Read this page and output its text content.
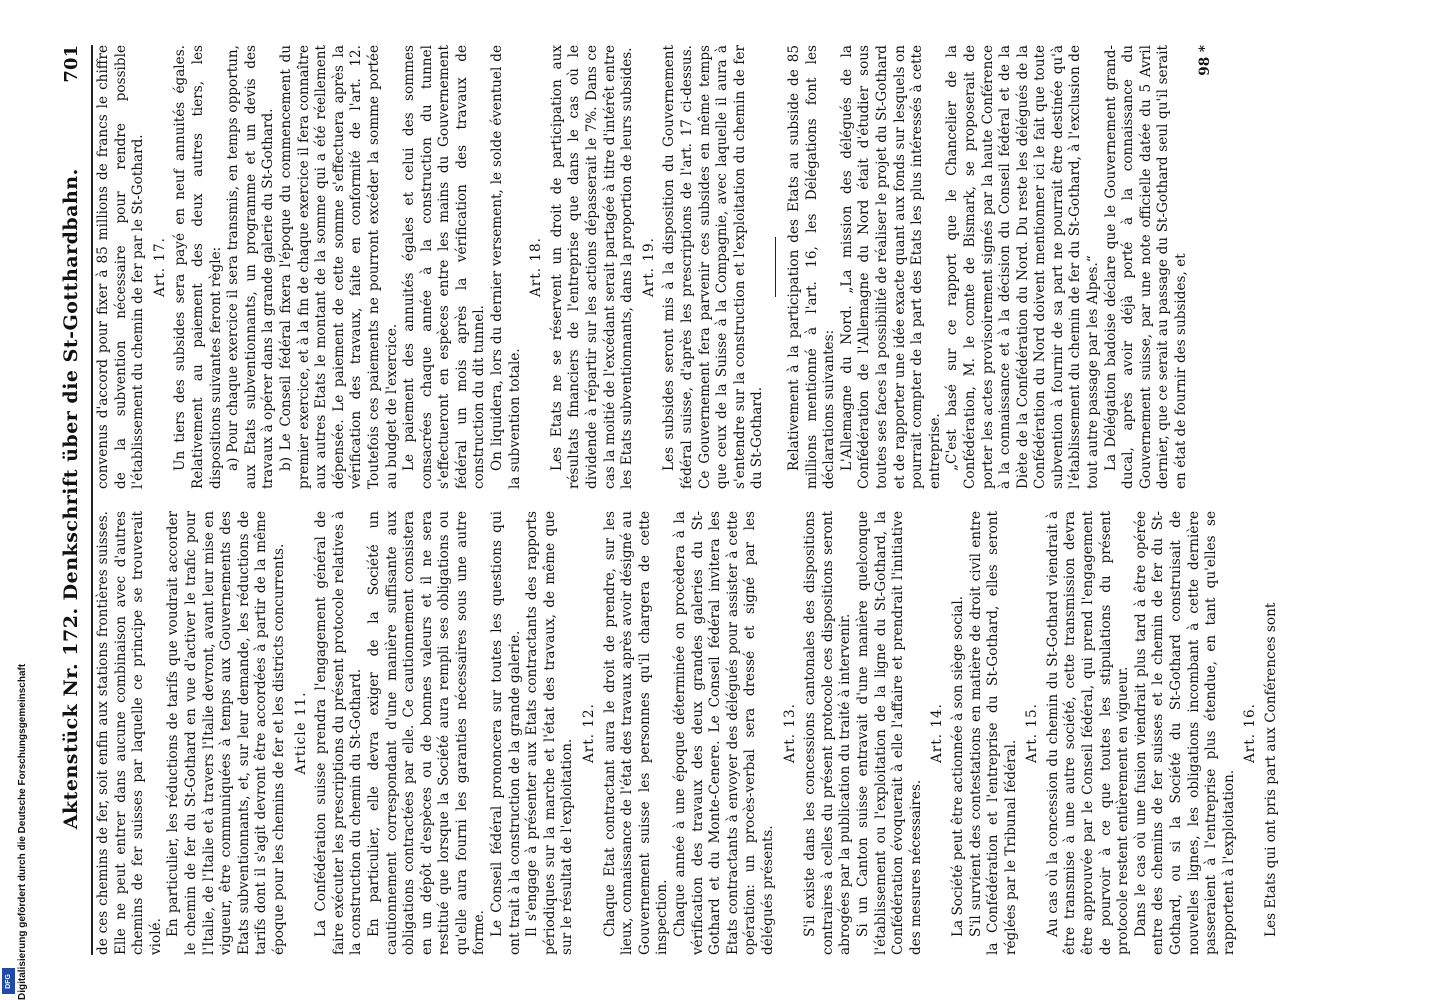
Aktenstück Nr. 172. Denkschrift über die St-Gotthardbahn.
701

de ces chemins de fer, soit enfin aux stations frontières suisses. Elle ne peut entrer dans aucune combinaison avec d'autres chemins de fer suisses par laquelle ce principe se trouverait violé. En particulier, les réductions de tarifs que voudrait accorder le chemin de fer du St-Gothard en vue d'activer le trafic pour l'Italie, de l'Italie et à travers l'Italie devront, avant leur mise en vigueur, être communiquées à temps aux Gouvernements des Etats subventionnants, et, sur leur demande, les réductions de tarifs dont il s'agit devront être accordées à partir de la même époque pour les chemins de fer et les districts concurrents. Article 11. La Confédération suisse prendra l'engagement général de faire exécuter les prescriptions du présent protocole relatives à la construction du chemin du St-Gothard. En particulier, elle devra exiger de la Société un cautionnement correspondant d'une manière suffisante aux obligations contractées par elle. Ce cautionnement consistera en un dépôt d'espèces ou de bonnes valeurs et il ne sera restitué que lorsque la Société aura rempli ses obligations ou qu'elle aura fourni les garanties nécessaires sous une autre forme. Le Conseil fédéral prononcera sur toutes les questions qui ont trait à la construction de la grande galerie. Il s'engage à présenter aux Etats contractants des rapports périodiques sur la marche et l'état des travaux, de même que sur le résultat de l'exploitation.

Art. 12. Chaque Etat contractant aura le droit de prendre, sur les lieux, connaissance de l'état des travaux après avoir désigné au Gouvernement suisse les personnes qu'il chargera de cette inspection. Chaque année à une époque déterminée on procèdera à la vérification des travaux des deux grandes galeries du St-Gothard et du Monte-Cenere. Le Conseil fédéral invitera les Etats contractants à envoyer des délégués pour assister à cette opération: un procès-verbal sera dressé et signé par les délégués présents.

Art. 13. S'il existe dans les concessions cantonales des dispositions contraires à celles du présent protocole ces dispositions seront abrogées par la publication du traité à intervenir. Si un Canton suisse entravait d'une manière quelconque l'établissement ou l'exploitation de la ligne du St-Gothard, la Confédération évoquerait à elle l'affaire et prendrait l'initiative des mesures nécessaires.

Art. 14. La Société peut être actionnée à son siège social. S'il survient des contestations en matière de droit civil entre la Confédération et l'entreprise du St-Gothard, elles seront réglées par le Tribunal fédéral.

Art. 15. Au cas où la concession du chemin du St-Gothard viendrait à être transmise à une autre société, cette transmission devra être approuvée par le Conseil fédéral, qui prend l'engagement de pourvoir à ce que toutes les stipulations du présent protocole restent entièrement en vigueur. Dans le cas où une fusion viendrait plus tard à être opérée entre des chemins de fer suisses et le chemin de fer du St-Gothard, ou si la Société du St-Gothard construisait de nouvelles lignes, les obligations incombant à cette dernière passeraient à l'entreprise plus étendue, en tant qu'elles se rapportent à l'exploitation.

Art. 16. Les Etats qui ont pris part aux Conférences sont

convenus d'accord pour fixer à 85 millions de francs le chiffre de la subvention nécessaire pour rendre possible l'établissement du chemin de fer par le St-Gothard. Art. 17. Un tiers des subsides sera payé en neuf annuités égales. Relativement au paiement des deux autres tiers, les dispositions suivantes feront règle: a) Pour chaque exercice il sera transmis, en temps opportun, aux Etats subventionnants, un programme et un devis des travaux à opérer dans la grande galerie du St-Gothard. b) Le Conseil fédéral fixera l'époque du commencement du premier exercice, et à la fin de chaque exercice il fera connaître aux autres Etats le montant de la somme qui a été réellement dépensée. Le paiement de cette somme s'effectuera après la vérification des travaux, faite en conformité de l'art. 12. Toutefois ces paiements ne pourront excéder la somme portée au budget de l'exercice. Le paiement des annuités égales et celui des sommes consacrées chaque année à la construction du tunnel s'effectueront en espèces entre les mains du Gouvernement fédéral un mois après la vérification des travaux de construction du dit tunnel. On liquidera, lors du dernier versement, le solde éventuel de la subvention totale.

Art. 18. Les Etats ne se réservent un droit de participation aux résultats financiers de l'entreprise que dans le cas où le dividende à répartir sur les actions dépasserait le 7%. Dans ce cas la moitié de l'excédant serait partagée à titre d'intérêt entre les Etats subventionnants, dans la proportion de leurs subsides. Art. 19. Les subsides seront mis à la disposition du Gouvernement fédéral suisse, d'après les prescriptions de l'art. 17 ci-dessus. Ce Gouvernement fera parvenir ces subsides en même temps que ceux de la Suisse à la Compagnie, avec laquelle il aura à s'entendre sur la construction et l'exploitation du chemin de fer du St-Gothard. Relativement à la participation des Etats au subside de 85 millions mentionné à l'art. 16, les Délégations font les déclarations suivantes: L'Allemagne du Nord. „La mission des délégués de la Confédération de l'Allemagne du Nord était d'étudier sous toutes ses faces la possibilité de réaliser le projet du St-Gothard et de rapporter une idée exacte quant aux fonds sur lesquels on pourrait compter de la part des Etats les plus intéressés à cette entreprise. „C'est basé sur ce rapport que le Chancelier de la Confédération, M. le comte de Bismark, se proposerait de porter les actes provisoirement signés par la haute Conférence à la connaissance et à la décision du Conseil fédéral et de la Diète de la Confédération du Nord. Du reste les délégués de la Confédération du Nord doivent mentionner ici le fait que toute subvention à fournir de sa part ne pourrait être destinée qu'à l'établissement du chemin de fer du St-Gothard, à l'exclusion de tout autre passage par les Alpes.“ La Délégation badoise déclare que le Gouvernement grand-ducal, après avoir déjà porté à la connaissance du Gouvernement suisse, par une note officielle datée du 5 Avril dernier, que ce serait au passage du St-Gothard seul qu'il serait en état de fournir des subsides, et

98 *

Digitalisierung gefördert durch die Deutsche Forschungsgemeinschaft
DFG
